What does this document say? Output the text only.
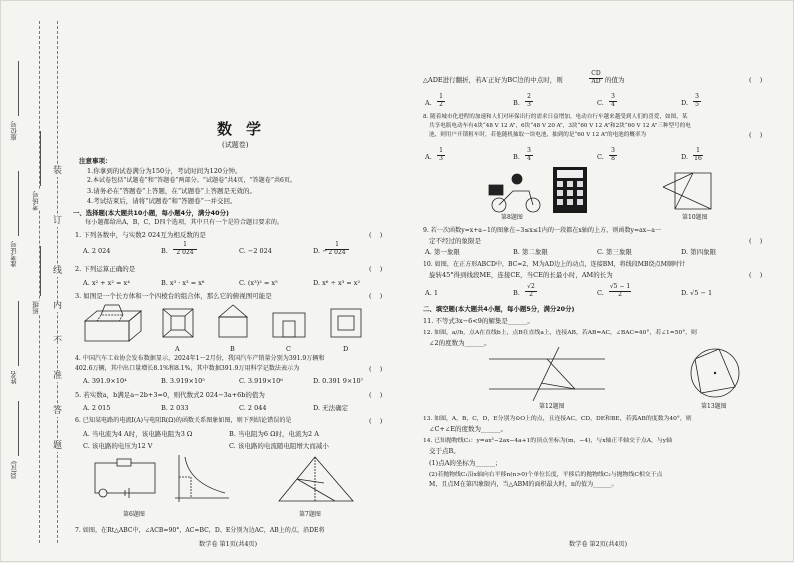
座位号
准考证号
考场号
班级
姓名
县(区)
装
订
线
内
不
准
答
题
数学
(试题卷)
注意事项：
1.你拿到的试卷满分为150分，考试时间为120分钟。
2.本试卷包括“试题卷”和“答题卷”两部分。“试题卷”共4页，“答题卷”共6页。
3.请务必在“答题卷”上答题，在“试题卷”上答题是无效的。
4.考试结束后，请将“试题卷”和“答题卷”一并交回。
一、选择题(本大题共10小题，每小题4分，满分40分)
每小题都给出A，B，C，D四个选项，其中只有一个是符合题目要求的。
1. 下列各数中，与实数2 024互为相反数的是	(    )
A. 2 024	B.
1
2 024	C. −2 024	D. −
1
2 024
2. 下列运算正确的是	(    )
A. x² + x² = x⁴	B. x³ · x³ = x⁶	C. (x³)² = x⁵	D. x⁶ ÷ x³ = x²
3. 如图是一个长方体和一个四棱台的组合体，那么它的俯视图可能是	(    )
A	B	C	D
4. 中国汽车工业协会发布数据显示，2024年1～2月份，我国汽车产销量分别为391.9万辆和
402.6万辆，其中出口量增长8.1%和8.1%，其中数据391.9万用科学记数法表示为	(    )
A. 391.9×10⁴	B. 3.919×10⁵	C. 3.919×10⁶	D. 0.391 9×10⁷
5. 若实数a，b满足a−2b+3=0，则代数式2 024−3a+6b的值为	(    )
A. 2 015	B. 2 033	C. 2 044	D. 无法确定
6. 已知某电路的电流I(A)与电阻R(Ω)的函数关系图象如图，则下列结论错误的是	(    )
A. 当电流为4 A时，该电路电阻为3 Ω	B. 当电阻为6 Ω时，电流为2 A
C. 该电路的电压为12 V	C. 该电路的电流随电阻增大而减小
第6题图	第7题图
7. 如图，在Rt△ABC中，∠ACB=90°，AC=BC，D、E分别为边AC，AB上的点，沿DE将
数学卷 第1页(共4页)
△ADE进行翻折，若A′正好为BC边的中点时，则
CD
AD 的值为	(    )
A.
1
2	B.
2
3	C.
3
4	D.
3
5
8. 随着城市化进程的加速和人们对环保出行的需求日益增加，电动自行车越来越受到人们的喜爱，如图，某
共享电瓶电动车有4块“48 V 12 A”，6块“48 V 20 A”，3块“60 V 12 A”和2块“60 V 12 A”三种型号的电
池，则用户开锁租车时，若他随机抽取一块电池，抽到的是“60 V 12 A”的电池的概率为	(    )
A.
1
3	B.
3
4	C.
3
8	D.
1
16
第8题图	第10题图
9. 若一次函数y=x+a−1的图象在−3≤x≤1内的一段都在x轴的上方，则函数y=ax−a一
定不经过的象限是	(    )
A. 第一象限	B. 第二象限	C. 第三象限	D. 第四象限
10. 如图，在正方形ABCD中，BC=2，M为AD边上的动点，连接BM，将线段MB绕点M顺时针
旋转45°得到线段ME，连接CE，当CE的长最小时，AM的长为	(    )
A. 1	B.
√2
2	C.
√5 − 1
2	D. √5 − 1
二、填空题(本大题共4小题，每小题5分，满分20分)
11. 不等式3x−6<9的解集是______。
12. 如图，a//b，点A在直线b上，点B在直线a上，连接AB，若AB=AC，∠BAC=40°，若∠1=50°，则
∠2的度数为______。
第12题图	第13题图
13. 如图，A，B，C，D，E分别为⊙O上的点，且连接AC，CD，DE和BE，若弧AB的度数为40°，则
∠C+∠E的度数为______。
14. 已知抛物线C₁：y=ax²−2ax−4a+1的顶点坐标为(m，−4)，与x轴正半轴交于点A，与y轴
交于点B。
(1)点A的坐标为______；
(2)若抛物线C₁沿x轴向右平移n(n>0)个单位长度，平移后的抛物线C₂与抛物线C相交于点
M，且点M在第四象限内，当△ABM的面积最大时，n的值为______。
数学卷 第2页(共4页)
